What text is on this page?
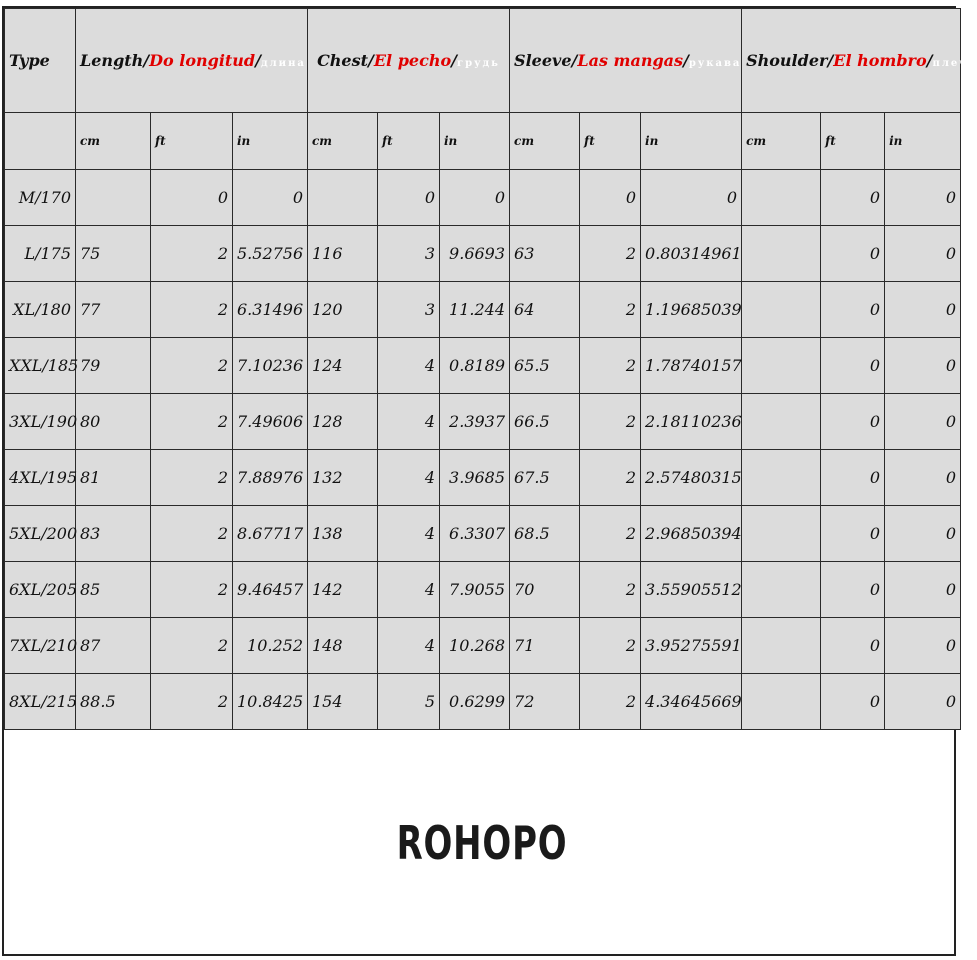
Type	Length/Do longitud/длина			Chest/El pecho/грудь			Sleeve/Las mangas/рукава			Shoulder/El hombro/плечо		
	cm	ft	in	cm	ft	in	cm	ft	in	cm	ft	in
M/170		0	0		0	0		0	0		0	0
L/175	75	2	5.52756	116	3	9.6693	63	2	0.80314961		0	0
XL/180	77	2	6.31496	120	3	11.244	64	2	1.19685039		0	0
XXL/185	79	2	7.10236	124	4	0.8189	65.5	2	1.78740157		0	0
3XL/190	80	2	7.49606	128	4	2.3937	66.5	2	2.18110236		0	0
4XL/195	81	2	7.88976	132	4	3.9685	67.5	2	2.57480315		0	0
5XL/200	83	2	8.67717	138	4	6.3307	68.5	2	2.96850394		0	0
6XL/205	85	2	9.46457	142	4	7.9055	70	2	3.55905512		0	0
7XL/210	87	2	10.252	148	4	10.268	71	2	3.95275591		0	0
8XL/215	88.5	2	10.8425	154	5	0.6299	72	2	4.34645669		0	0
ROHOPO
